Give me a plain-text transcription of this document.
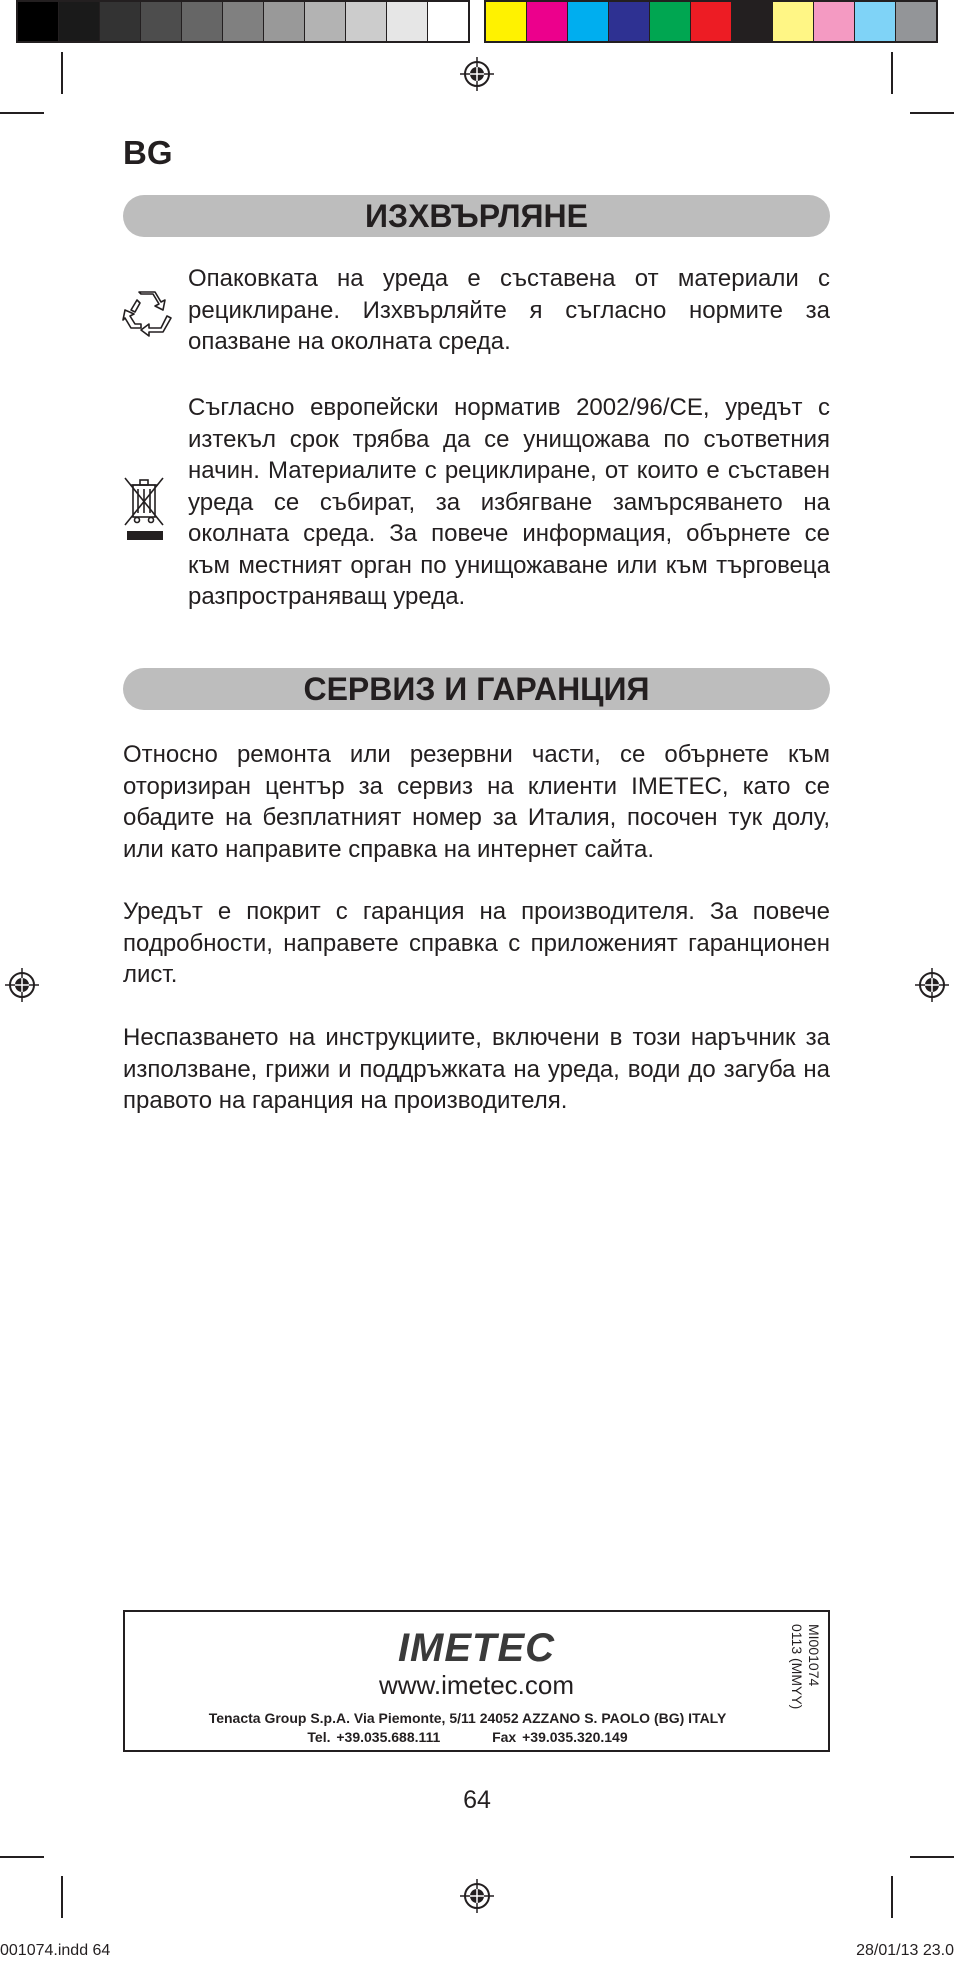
BG
ИЗХВЪРЛЯНЕ
Опаковката на уреда е съставена от материали с рециклиране. Изхвърляйте я съгласно нормите за опазване на околната среда.
Съгласно европейски норматив 2002/96/CE, уредът с изтекъл срок трябва да се унищожава по съответния начин. Материалите с рециклиране, от които е съставен уреда се събират, за избягване замърсяването на околната среда. За повече информация, обърнете се към местният орган по унищожаване или към търговеца разпространяващ уреда.
СЕРВИЗ И ГАРАНЦИЯ
Относно ремонта или резервни части, се обърнете към оторизиран център за сервиз на клиенти IMETEC, като се обадите на безплатният номер за Италия, посочен тук долу, или като направите справка на интернет сайта.
Уредът е покрит с гаранция на производителя. За повече подробности, направете справка с приложеният гаранционен лист.
Неспазването на инструкциите, включени в този наръчник за използване, грижи и поддръжката на уреда, води до загуба на правото на гаранция на производителя.
IMETEC
www.imetec.com
Tenacta Group S.p.A. Via Piemonte, 5/11 24052 AZZANO S. PAOLO (BG) ITALY
Tel. +39.035.688.111	Fax +39.035.320.149
MI001074
0113 (MMYY)
64
001074.indd 64	28/01/13 23.0
